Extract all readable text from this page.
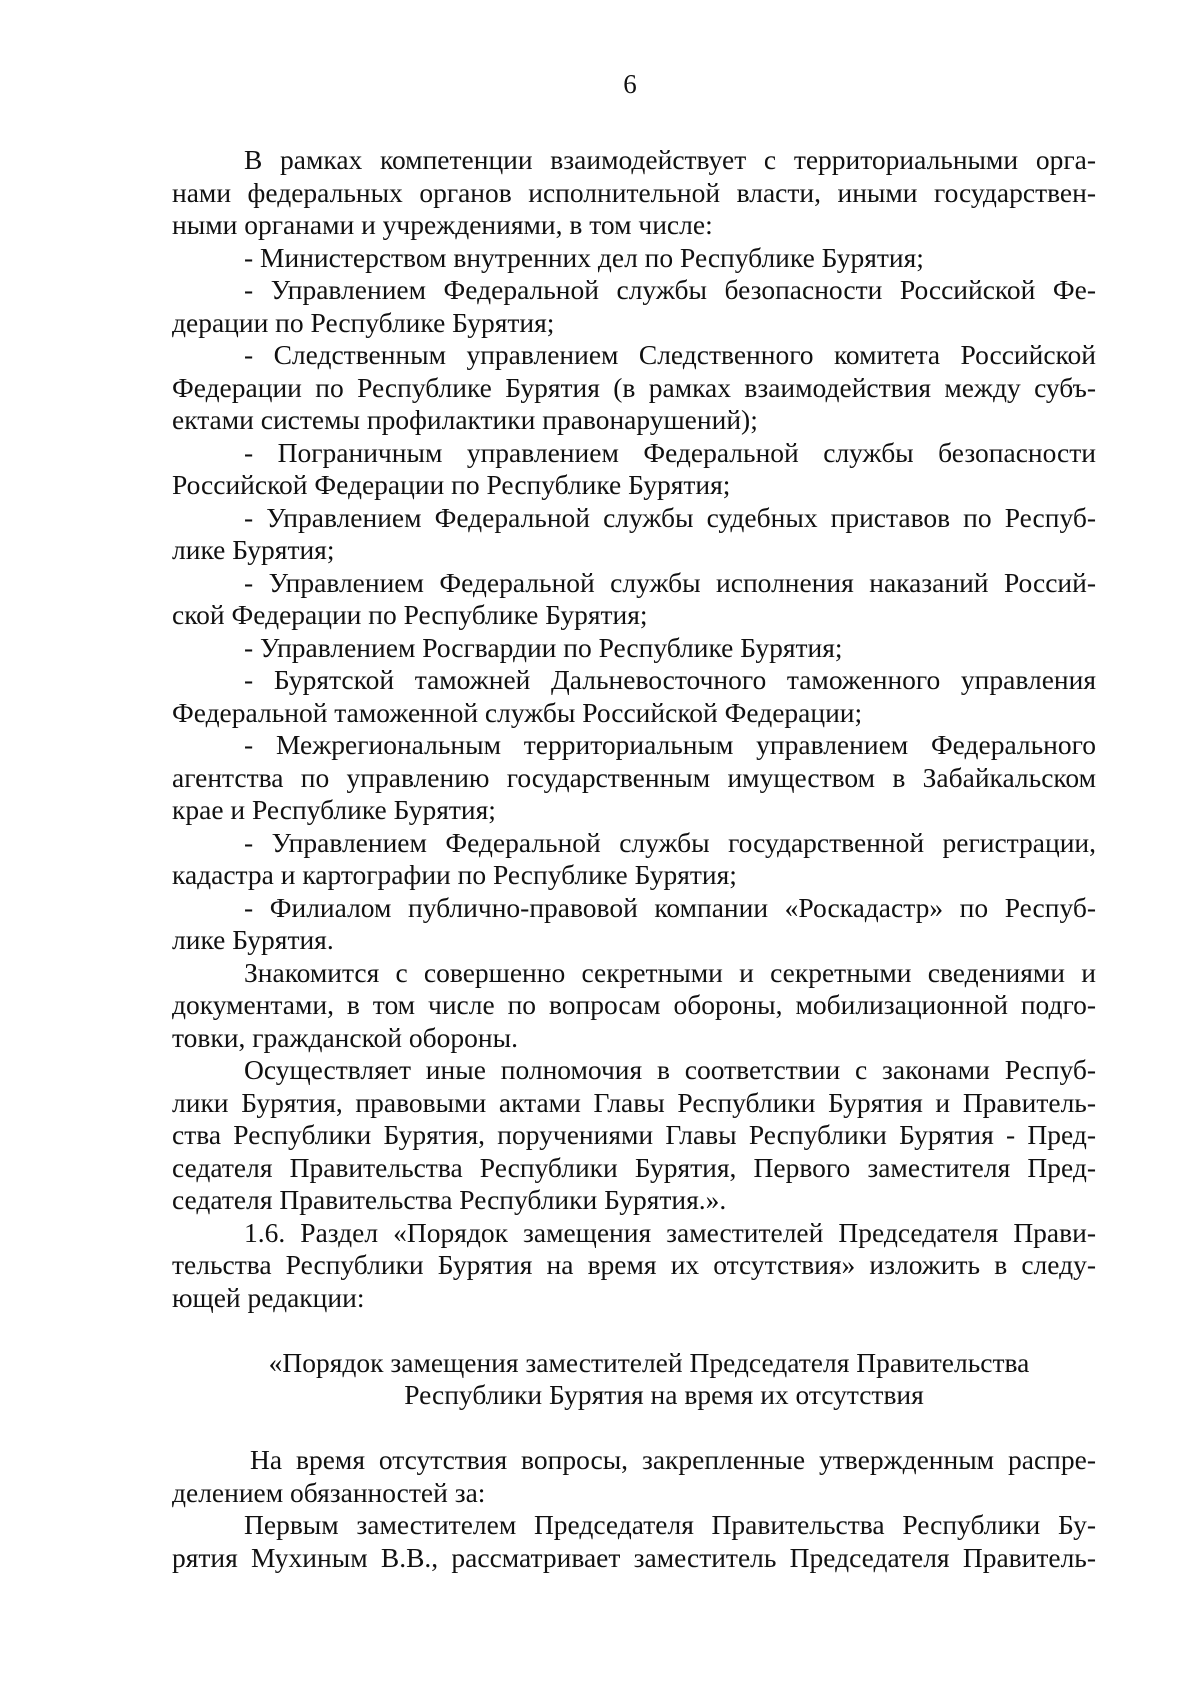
6
В рамках компетенции взаимодействует с территориальными орга-
нами федеральных органов исполнительной власти, иными государствен-
ными органами и учреждениями, в том числе:
- Министерством внутренних дел по Республике Бурятия;
- Управлением Федеральной службы безопасности Российской Фе-
дерации по Республике Бурятия;
- Следственным управлением Следственного комитета Российской
Федерации по Республике Бурятия (в рамках взаимодействия между субъ-
ектами системы профилактики правонарушений);
- Пограничным управлением Федеральной службы безопасности
Российской Федерации по Республике Бурятия;
- Управлением Федеральной службы судебных приставов по Респуб-
лике Бурятия;
- Управлением Федеральной службы исполнения наказаний Россий-
ской Федерации по Республике Бурятия;
- Управлением Росгвардии по Республике Бурятия;
- Бурятской таможней Дальневосточного таможенного управления
Федеральной таможенной службы Российской Федерации;
- Межрегиональным территориальным управлением Федерального
агентства по управлению государственным имуществом в Забайкальском
крае и Республике Бурятия;
- Управлением Федеральной службы государственной регистрации,
кадастра и картографии по Республике Бурятия;
- Филиалом публично-правовой компании «Роскадастр» по Респуб-
лике Бурятия.
Знакомится с совершенно секретными и секретными сведениями и
документами, в том числе по вопросам обороны, мобилизационной подго-
товки, гражданской обороны.
Осуществляет иные полномочия в соответствии с законами Респуб-
лики Бурятия, правовыми актами Главы Республики Бурятия и Правитель-
ства Республики Бурятия, поручениями Главы Республики Бурятия - Пред-
седателя Правительства Республики Бурятия, Первого заместителя Пред-
седателя Правительства Республики Бурятия.».
1.6. Раздел «Порядок замещения заместителей Председателя Прави-
тельства Республики Бурятия на время их отсутствия» изложить в следу-
ющей редакции:
«Порядок замещения заместителей Председателя Правительства
Республики Бурятия на время их отсутствия
На время отсутствия вопросы, закрепленные утвержденным распре-
делением обязанностей за:
Первым заместителем Председателя Правительства Республики Бу-
рятия Мухиным В.В., рассматривает заместитель Председателя Правитель-
